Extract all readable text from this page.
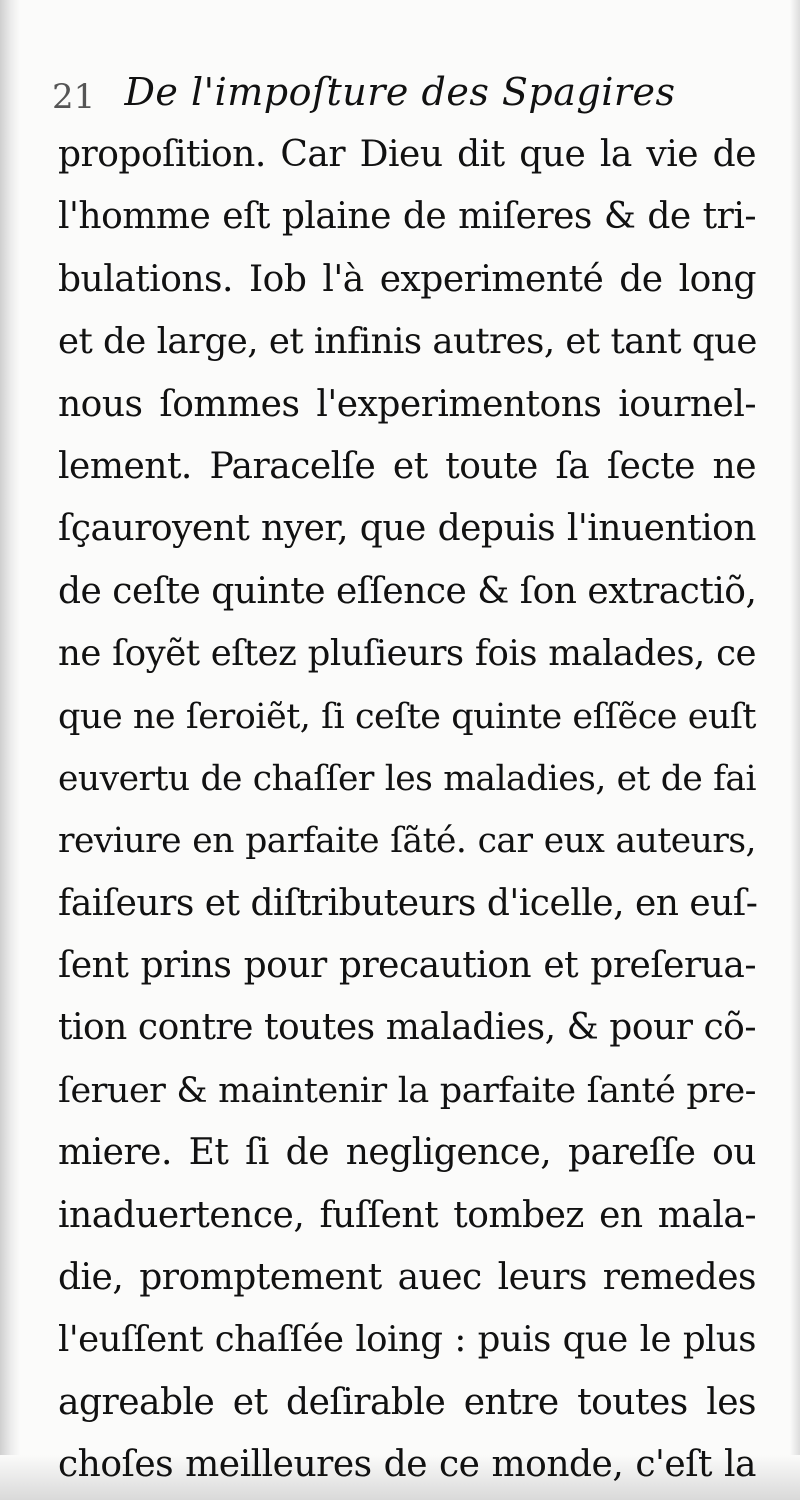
21 De l'impoſture des Spagires
propoſition. Car Dieu dit que la vie de
l'homme eſt plaine de miſeres & de tri-
bulations. Iob l'à experimenté de long
et de large, et infinis autres, et tant que
nous ſommes l'experimentons iournel-
lement. Paracelſe et toute ſa ſecte ne
ſçauroyent nyer, que depuis l'inuention
de ceſte quinte eſſence & ſon extractiõ,
ne ſoyẽt eſtez pluſieurs fois malades, ce
que ne ſeroiẽt, ſi ceſte quinte eſſẽce euſt
euvertu de chaſſer les maladies, et de fai
reviure en parfaite ſãté. car eux auteurs,
faiſeurs et diſtributeurs d'icelle, en euſ-
ſent prins pour precaution et preſerua-
tion contre toutes maladies, & pour cõ-
ſeruer & maintenir la parfaite ſanté pre-
miere. Et ſi de negligence, pareſſe ou
inaduertence, fuſſent tombez en mala-
die, promptement auec leurs remedes
l'euſſent chaſſée loing : puis que le plus
agreable et deſirable entre toutes les
choſes meilleures de ce monde, c'eſt la
